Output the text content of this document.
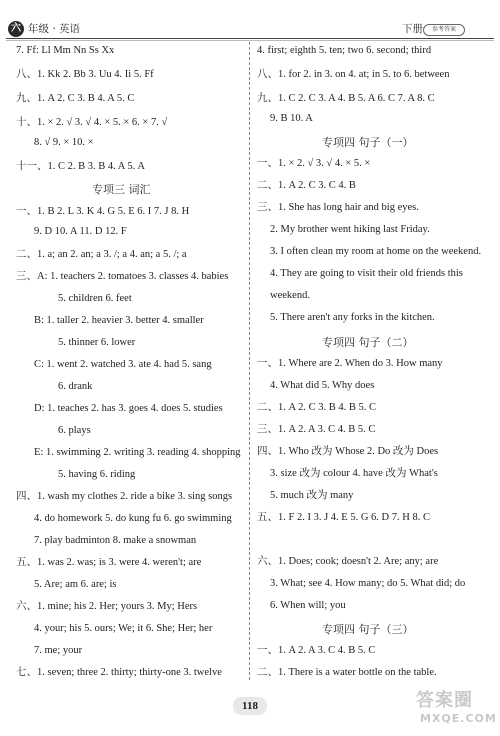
六 年级 · 英语	下册	参考答案
7. Ff: Ll Mm Nn Ss Xx
八、1. Kk 2. Bb 3. Uu 4. Ii 5. Ff
九、1. A 2. C 3. B 4. A 5. C
十、1. × 2. √ 3. √ 4. × 5. × 6. × 7. √
8. √ 9. × 10. ×
十一、1. C 2. B 3. B 4. A 5. A
专项三 词汇
一、1. B 2. L 3. K 4. G 5. E 6. I 7. J 8. H
9. D 10. A 11. D 12. F
二、1. a; an 2. an; a 3. /; a 4. an; a 5. /; a
三、A: 1. teachers 2. tomatoes 3. classes 4. babies
5. children 6. feet
B: 1. taller 2. heavier 3. better 4. smaller
5. thinner 6. lower
C: 1. went 2. watched 3. ate 4. had 5. sang
6. drank
D: 1. teaches 2. has 3. goes 4. does 5. studies
6. plays
E: 1. swimming 2. writing 3. reading 4. shopping
5. having 6. riding
四、1. wash my clothes 2. ride a bike 3. sing songs
4. do homework 5. do kung fu 6. go swimming
7. play badminton 8. make a snowman
五、1. was 2. was; is 3. were 4. weren't; are
5. Are; am 6. are; is
六、1. mine; his 2. Her; yours 3. My; Hers
4. your; his 5. ours; We; it 6. She; Her; her
7. me; your
七、1. seven; three 2. thirty; thirty-one 3. twelve
4. first; eighth 5. ten; two 6. second; third
八、1. for 2. in 3. on 4. at; in 5. to 6. between
九、1. C 2. C 3. A 4. B 5. A 6. C 7. A 8. C
9. B 10. A
专项四 句子（一）
一、1. × 2. √ 3. √ 4. × 5. ×
二、1. A 2. C 3. C 4. B
三、1. She has long hair and big eyes.
2. My brother went hiking last Friday.
3. I often clean my room at home on the weekend.
4. They are going to visit their old friends this
weekend.
5. There aren't any forks in the kitchen.
专项四 句子（二）
一、1. Where are 2. When do 3. How many
4. What did 5. Why does
二、1. A 2. C 3. B 4. B 5. C
三、1. A 2. A 3. C 4. B 5. C
四、1. Who 改为 Whose 2. Do 改为 Does
3. size 改为 colour 4. have 改为 What's
5. much 改为 many
五、1. F 2. I 3. J 4. E 5. G 6. D 7. H 8. C
六、1. Does; cook; doesn't 2. Are; any; are
3. What; see 4. How many; do 5. What did; do
6. When will; you
专项四 句子（三）
一、1. A 2. A 3. C 4. B 5. C
二、1. There is a water bottle on the table.
118	答案圈
MXQE.COM
